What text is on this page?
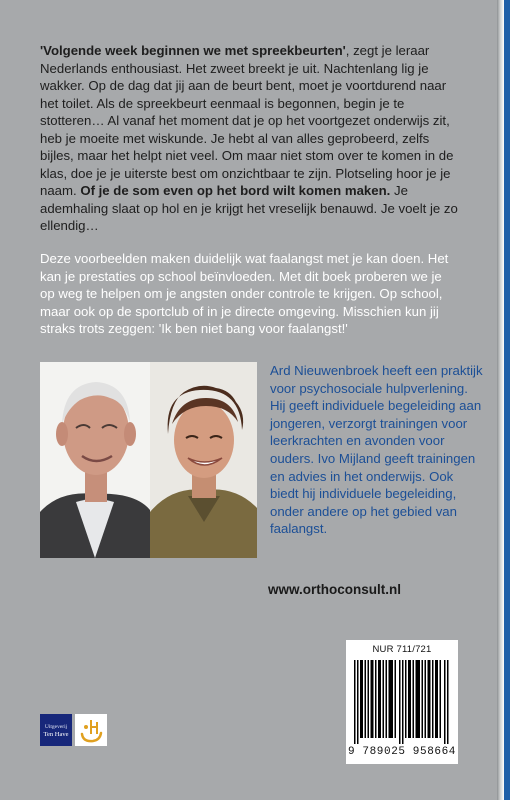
'Volgende week beginnen we met spreekbeurten', zegt je leraar Nederlands enthousiast. Het zweet breekt je uit. Nachtenlang lig je wakker. Op de dag dat jij aan de beurt bent, moet je voortdurend naar het toilet. Als de spreekbeurt eenmaal is begonnen, begin je te stotteren… Al vanaf het moment dat je op het voortgezet onderwijs zit, heb je moeite met wiskunde. Je hebt al van alles geprobeerd, zelfs bijles, maar het helpt niet veel. Om maar niet stom over te komen in de klas, doe je je uiterste best om onzichtbaar te zijn. Plotseling hoor je je naam. Of je de som even op het bord wilt komen maken. Je ademhaling slaat op hol en je krijgt het vreselijk benauwd. Je voelt je zo ellendig…

Deze voorbeelden maken duidelijk wat faalangst met je kan doen. Het kan je prestaties op school beïnvloeden. Met dit boek proberen we je op weg te helpen om je angsten onder controle te krijgen. Op school, maar ook op de sportclub of in je directe omgeving. Misschien kun jij straks trots zeggen: 'Ik ben niet bang voor faalangst!'

Ard Nieuwenbroek heeft een praktijk voor psychosociale hulpverlening. Hij geeft individuele begeleiding aan jongeren, verzorgt trainingen voor leerkrachten en avonden voor ouders. Ivo Mijland geeft trainingen en advies in het onderwijs. Ook biedt hij individuele begeleiding, onder andere op het gebied van faalangst.

www.orthoconsult.nl
NUR 711/721
9 789025 958664
Uitgeverij
Ten Have
